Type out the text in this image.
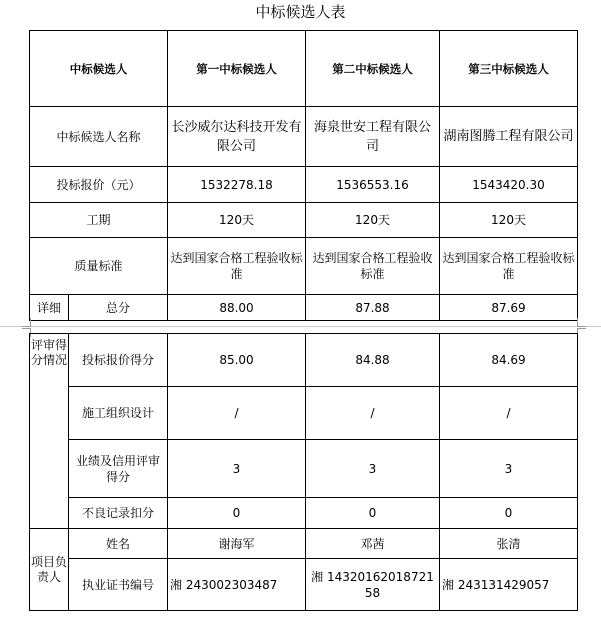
中标候选人表
中标候选人		第一中标候选人	第二中标候选人	第三中标候选人
中标候选人名称		长沙威尔达科技开发有限公司	海泉世安工程有限公司	湖南图腾工程有限公司
投标报价（元）		1532278.18	1536553.16	1543420.30
工期		120天	120天	120天
质量标准		达到国家合格工程验收标准	达到国家合格工程验收标准	达到国家合格工程验收标准
详细	总分	88.00	87.88	87.69
评审得分情况	投标报价得分	85.00	84.88	84.69
	施工组织设计	/	/	/
	业绩及信用评审得分	3	3	3
	不良记录扣分	0	0	0
项目负责人	姓名	谢海军	邓茜	张清
	执业证书编号	湘 243002303487	湘 1432016201872158	湘 243131429057
